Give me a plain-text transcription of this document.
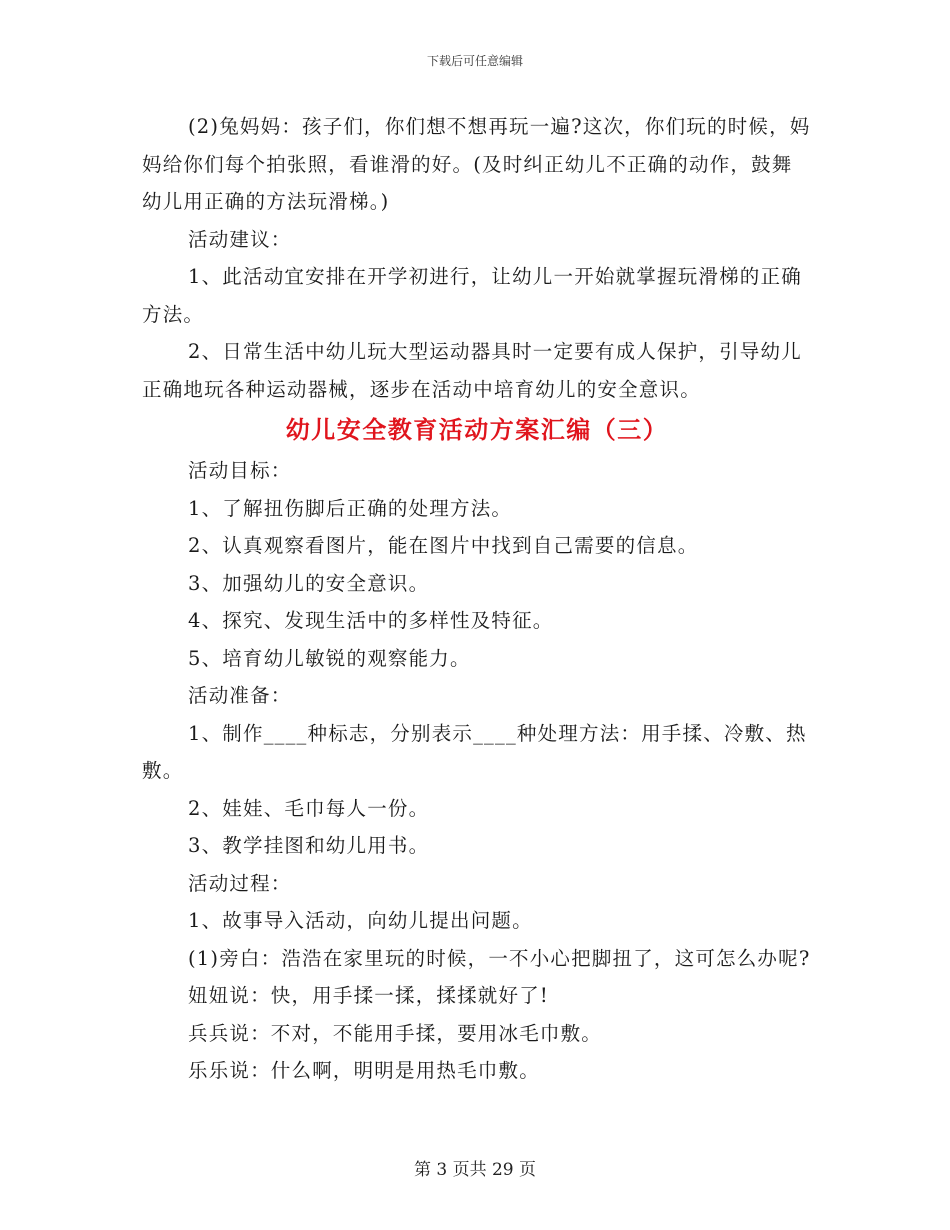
下载后可任意编辑

(2)兔妈妈：孩子们，你们想不想再玩一遍?这次，你们玩的时候，妈妈给你们每个拍张照，看谁滑的好。(及时纠正幼儿不正确的动作，鼓舞幼儿用正确的方法玩滑梯。)

活动建议：

1、此活动宜安排在开学初进行，让幼儿一开始就掌握玩滑梯的正确方法。

2、日常生活中幼儿玩大型运动器具时一定要有成人保护，引导幼儿正确地玩各种运动器械，逐步在活动中培育幼儿的安全意识。

幼儿安全教育活动方案汇编（三）

活动目标：

1、了解扭伤脚后正确的处理方法。

2、认真观察看图片，能在图片中找到自己需要的信息。

3、加强幼儿的安全意识。

4、探究、发现生活中的多样性及特征。

5、培育幼儿敏锐的观察能力。

活动准备：

1、制作____种标志，分别表示____种处理方法：用手揉、冷敷、热敷。

2、娃娃、毛巾每人一份。

3、教学挂图和幼儿用书。

活动过程：

1、故事导入活动，向幼儿提出问题。

(1)旁白：浩浩在家里玩的时候，一不小心把脚扭了，这可怎么办呢?

妞妞说：快，用手揉一揉，揉揉就好了!

兵兵说：不对，不能用手揉，要用冰毛巾敷。

乐乐说：什么啊，明明是用热毛巾敷。

第 3 页共 29 页
